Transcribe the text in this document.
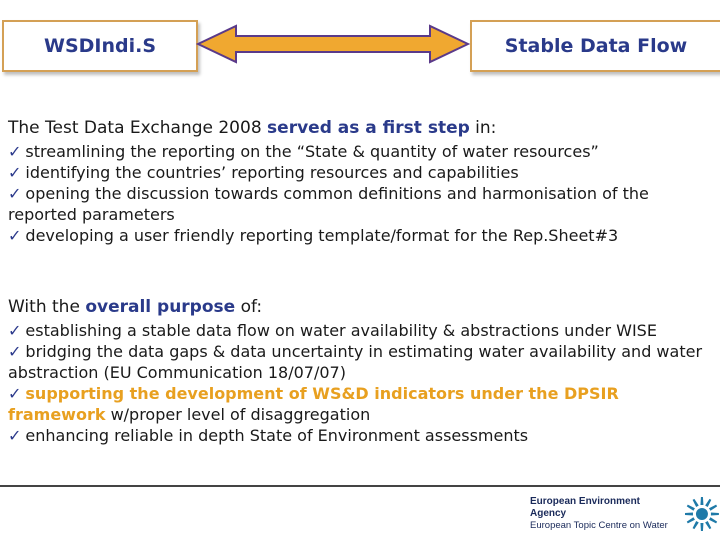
WSDIndi.S	Stable Data Flow
The Test Data Exchange 2008 served as a first step in:
✓ streamlining the reporting on the “State & quantity of water resources”
✓ identifying the countries’ reporting resources and capabilities
✓ opening the discussion towards common definitions and harmonisation of the reported parameters
✓ developing a user friendly reporting template/format for the Rep.Sheet#3
With the overall purpose of:
✓ establishing a stable data flow on water availability & abstractions under WISE
✓ bridging the data gaps & data uncertainty in estimating water availability and water abstraction (EU Communication 18/07/07)
✓ supporting the development of WS&D indicators under the DPSIR framework w/proper level of disaggregation
✓ enhancing reliable in depth State of Environment assessments
European Environment Agency
European Topic Centre on Water
